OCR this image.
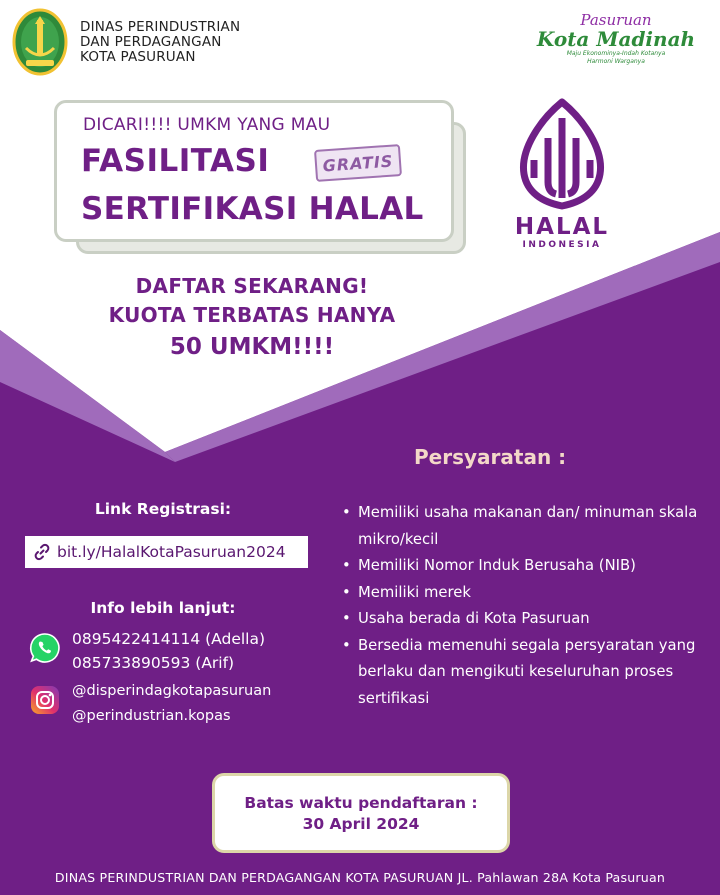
DINAS PERINDUSTRIAN
DAN PERDAGANGAN
KOTA PASURUAN
Pasuruan
Kota Madinah
Maju Ekonominya-Indah Kotanya
Harmoni Warganya
DICARI!!!! UMKM YANG MAU
FASILITASI	GRATIS
SERTIFIKASI HALAL	HALAL
INDONESIA
DAFTAR SEKARANG!
KUOTA TERBATAS HANYA
50 UMKM!!!!
Link Registrasi:
bit.ly/HalalKotaPasuruan2024
Info lebih lanjut:
0895422414114 (Adella)
085733890593 (Arif)
@disperindagkotapasuruan
@perindustrian.kopas
Persyaratan :
• Memiliki usaha makanan dan/ minuman skala mikro/kecil
• Memiliki Nomor Induk Berusaha (NIB)
• Memiliki merek
• Usaha berada di Kota Pasuruan
• Bersedia memenuhi segala persyaratan yang berlaku dan mengikuti keseluruhan proses sertifikasi
Batas waktu pendaftaran :
30 April 2024
DINAS PERINDUSTRIAN DAN PERDAGANGAN KOTA PASURUAN JL. Pahlawan 28A Kota Pasuruan
